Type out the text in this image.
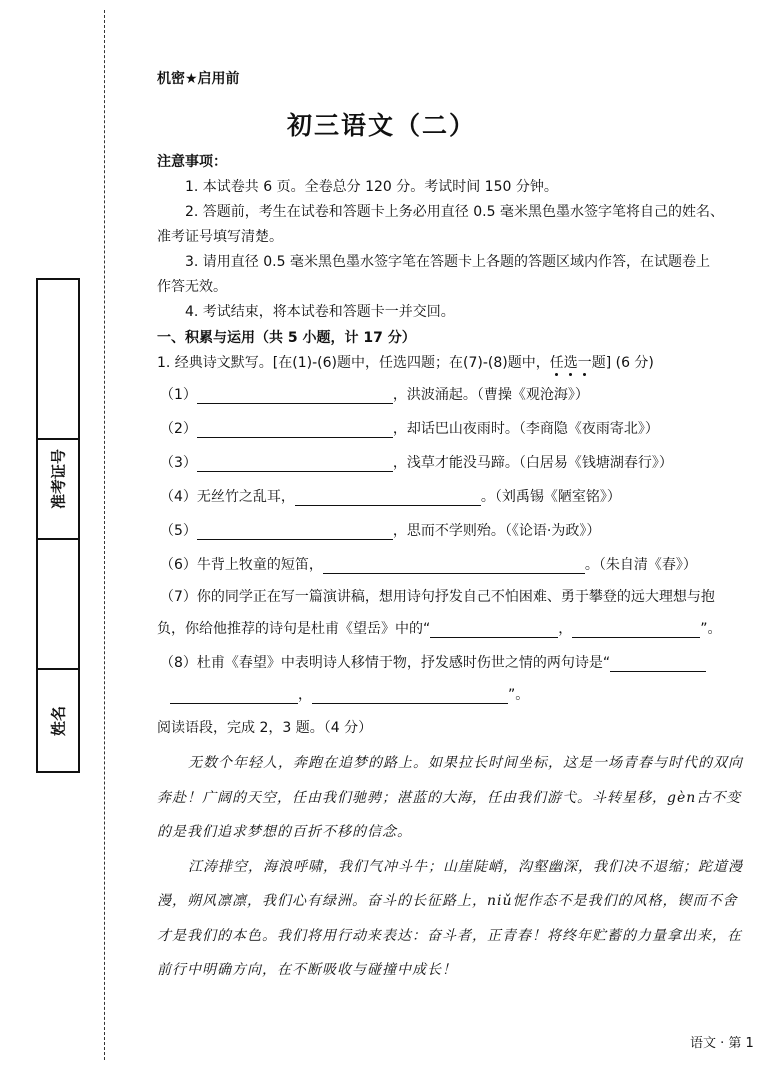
准考证号
姓名
机密★启用前
初三语文（二）
注意事项：
1. 本试卷共 6 页。全卷总分 120 分。考试时间 150 分钟。
2. 答题前，考生在试卷和答题卡上务必用直径 0.5 毫米黑色墨水签字笔将自己的姓名、
准考证号填写清楚。
3. 请用直径 0.5 毫米黑色墨水签字笔在答题卡上各题的答题区域内作答，在试题卷上
作答无效。
4. 考试结束，将本试卷和答题卡一并交回。
一、积累与运用（共 5 小题，计 17 分）
1. 经典诗文默写。[在(1)-(6)题中，任选四题；在(7)-(8)题中，任选一题] (6 分)
（1）	，洪波涌起。（曹操《观沧海》）
（2）	，却话巴山夜雨时。（李商隐《夜雨寄北》）
（3）	，浅草才能没马蹄。（白居易《钱塘湖春行》）
（4）无丝竹之乱耳，	。（刘禹锡《陋室铭》）
（5）	，思而不学则殆。（《论语·为政》）
（6）牛背上牧童的短笛，	。（朱自清《春》）
（7）你的同学正在写一篇演讲稿，想用诗句抒发自己不怕困难、勇于攀登的远大理想与抱
负，你给他推荐的诗句是杜甫《望岳》中的“	，	”。
（8）杜甫《春望》中表明诗人移情于物，抒发感时伤世之情的两句诗是“
，	”。
阅读语段，完成 2，3 题。（4 分）
无数个年轻人，奔跑在追梦的路上。如果拉长时间坐标，这是一场青春与时代的双向
奔赴！广阔的天空，任由我们驰骋；湛蓝的大海，任由我们游弋。斗转星移，gèn古不变
的是我们追求梦想的百折不移的信念。
江涛排空，海浪呼啸，我们气冲斗牛；山崖陡峭，沟壑幽深，我们决不退缩；跎道漫
漫，朔风凛凛，我们心有绿洲。奋斗的长征路上，niǔ怩作态不是我们的风格，锲而不舍
才是我们的本色。我们将用行动来表达：奋斗者，正青春！将终年贮蓄的力量拿出来，在
前行中明确方向，在不断吸收与碰撞中成长！
语文 · 第 1
